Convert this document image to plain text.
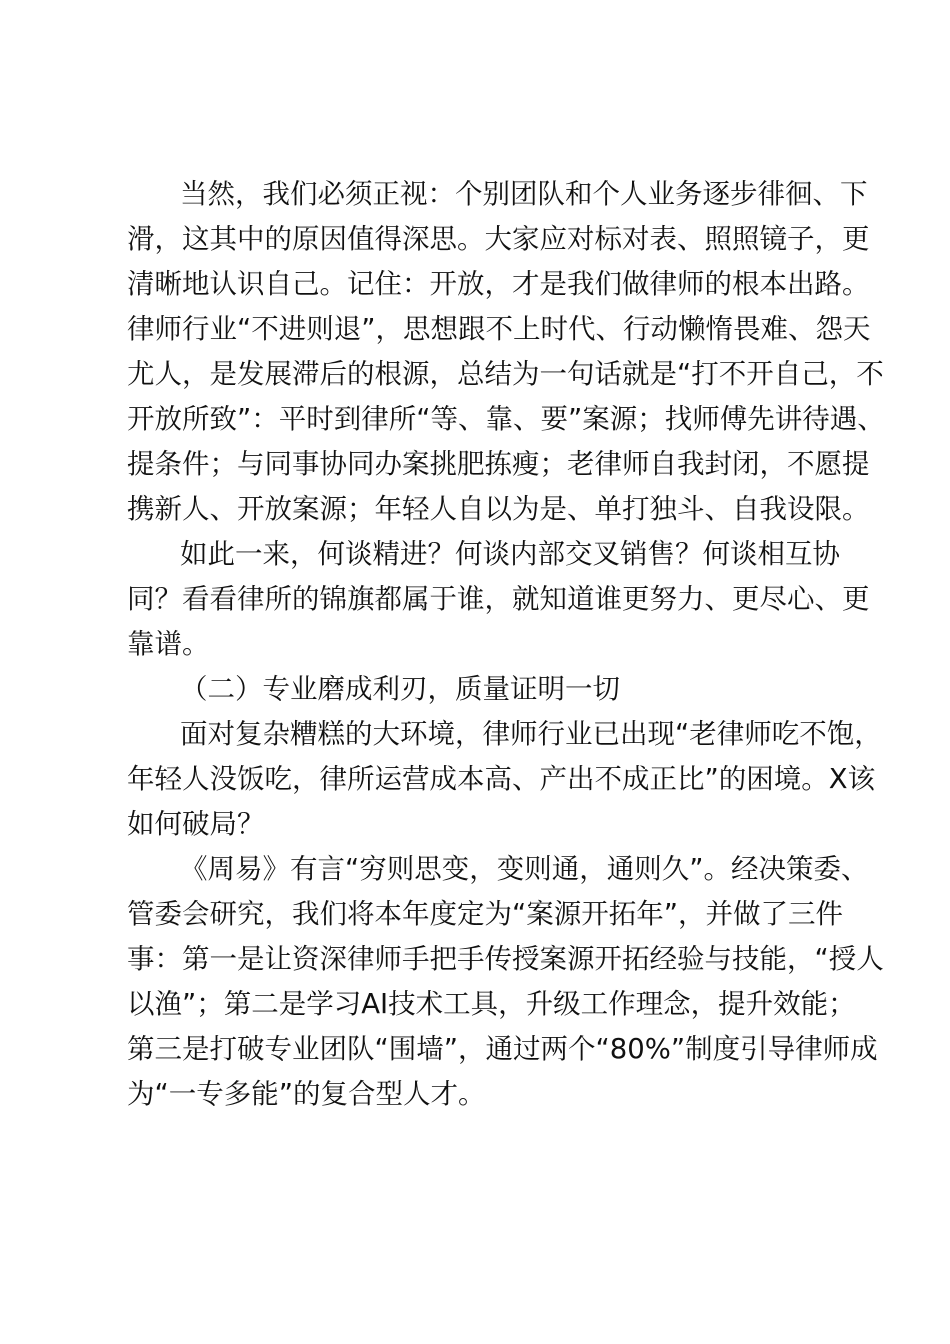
当然，我们必须正视：个别团队和个人业务逐步徘徊、下
滑，这其中的原因值得深思。大家应对标对表、照照镜子，更
清晰地认识自己。记住：开放，才是我们做律师的根本出路。
律师行业“不进则退”，思想跟不上时代、行动懒惰畏难、怨天
尤人，是发展滞后的根源，总结为一句话就是“打不开自己，不
开放所致”：平时到律所“等、靠、要”案源；找师傅先讲待遇、
提条件；与同事协同办案挑肥拣瘦；老律师自我封闭，不愿提
携新人、开放案源；年轻人自以为是、单打独斗、自我设限。
如此一来，何谈精进？何谈内部交叉销售？何谈相互协
同？看看律所的锦旗都属于谁，就知道谁更努力、更尽心、更
靠谱。
（二）专业磨成利刃，质量证明一切
面对复杂糟糕的大环境，律师行业已出现“老律师吃不饱，
年轻人没饭吃，律所运营成本高、产出不成正比”的困境。X该
如何破局？
《周易》有言“穷则思变，变则通，通则久”。经决策委、
管委会研究，我们将本年度定为“案源开拓年”，并做了三件
事：第一是让资深律师手把手传授案源开拓经验与技能，“授人
以渔”；第二是学习AI技术工具，升级工作理念，提升效能；
第三是打破专业团队“围墙”，通过两个“80%”制度引导律师成
为“一专多能”的复合型人才。
